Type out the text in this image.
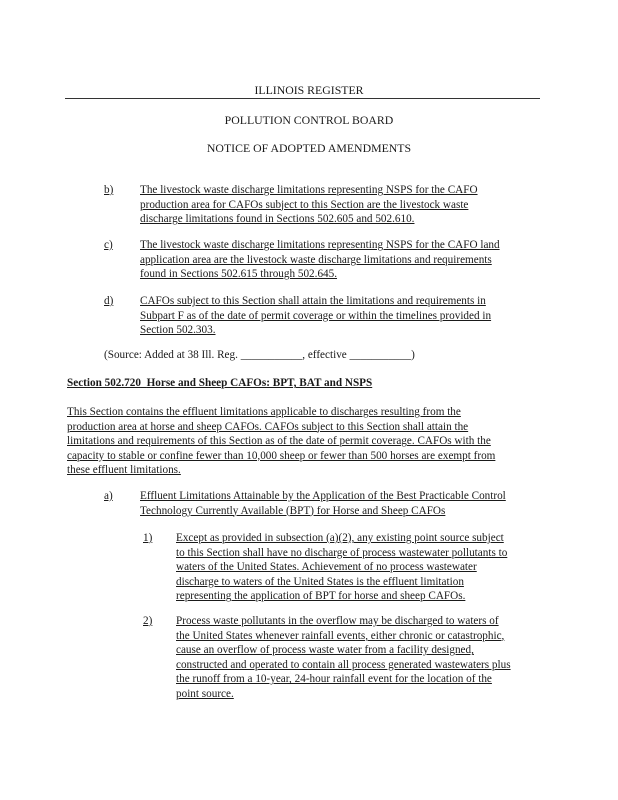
ILLINOIS REGISTER
POLLUTION CONTROL BOARD
NOTICE OF ADOPTED AMENDMENTS
b) The livestock waste discharge limitations representing NSPS for the CAFO

production area for CAFOs subject to this Section are the livestock waste

discharge limitations found in Sections 502.605 and 502.610.

c) The livestock waste discharge limitations representing NSPS for the CAFO land

application area are the livestock waste discharge limitations and requirements

found in Sections 502.615 through 502.645.

d) CAFOs subject to this Section shall attain the limitations and requirements in

Subpart F as of the date of permit coverage or within the timelines provided in

Section 502.303.

(Source: Added at 38 Ill. Reg. ___________, effective ___________)
Section 502.720 Horse and Sheep CAFOs: BPT, BAT and NSPS

This Section contains the effluent limitations applicable to discharges resulting from the

production area at horse and sheep CAFOs. CAFOs subject to this Section shall attain the

limitations and requirements of this Section as of the date of permit coverage. CAFOs with the

capacity to stable or confine fewer than 10,000 sheep or fewer than 500 horses are exempt from

these effluent limitations.

a) Effluent Limitations Attainable by the Application of the Best Practicable Control

Technology Currently Available (BPT) for Horse and Sheep CAFOs

1) Except as provided in subsection (a)(2), any existing point source subject

to this Section shall have no discharge of process wastewater pollutants to

waters of the United States. Achievement of no process wastewater

discharge to waters of the United States is the effluent limitation

representing the application of BPT for horse and sheep CAFOs.

2) Process waste pollutants in the overflow may be discharged to waters of

the United States whenever rainfall events, either chronic or catastrophic,

cause an overflow of process waste water from a facility designed,

constructed and operated to contain all process generated wastewaters plus

the runoff from a 10-year, 24-hour rainfall event for the location of the

point source.
